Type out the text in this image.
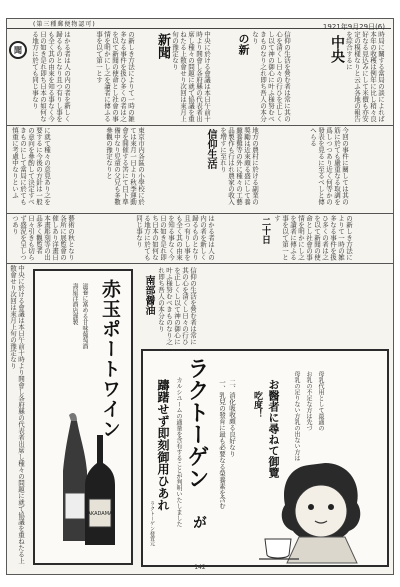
(第三種郵便物認可)	1921年9月29日(6)
聞	はかる者は人の内の者を新しく歸るものとなり且つ有りし事をも全く其の由來を知る事なく今日の如き是れ即ち日本の如何なる地方に於ても同じ事なり	の新しき方法によりて一時の雑多なる事件を扱ひ多くの者は之を以て新聞の使命とし社會の事情を明かにし之を讀者に傳ふる事を以て第一とす	新聞	中央に於ける會議は本日午前十時より開會し各府縣の代表者出席し種々の問題に就て協議を重ねたる上散會せり次回は來月上旬の豫定なり	の新	信仰の生活を營む者は常に其の心を清くし日々の行ひを正しくし以て神の御心に叶ふ様努むべきものなり之れ即ち吾人の本分なり	中央	時局に關する當局の談によれば本年の收穫は例年に比し稍々良好なる見込みにして米價も亦安定の模樣なりと云ふ各地の報告を綜合するに
に就て種々の意見あり之を要するに今後の方針は一般の意向を參酌して決定すべきものにして當局に於ても慎重に考慮中なりといふ	東京市内各區の小學校に於ては來月一日より秋季運動會を開催する筈にて目下準備中なり児童の父兄も多數參觀の豫定なりと	信仰生活	地方の農村に於ける副業の獎勵は近來頗る盛にして養蠶養雞等の外に種々の工藝品製作も行はれ農家の收入を増すに至れり	今回の事件に關しては其の筋に於ても嚴重なる取調を爲しつつあり近く何等かの發表を見るに至るべしと傳へらる
藝術の秋となり各所に展覧會の催しあり洋畫日本畫彫刻等の出品多く觀覧者日々引きも切らず盛況を呈しつつあり	はかる者は人の内の者を新しく歸るものとなり且つ有りし事をも全く其の由來を知る事なく今日の如き是れ即ち日本の如何なる地方に於ても同じ事なり	二十日	の新しき方法によりて一時の雑多なる事件を扱ひ多くの者は之を以て新聞の使命とし社會の事情を明かにし之を讀者に傳ふる事を以て第一とす
中央に於ける會議は本日午前十時より開會し各府縣の代表者出席し種々の問題に就て協議を重ねたる上散會せり次回は來月上旬の豫定なり	赤玉ポートワイン
滋養に富める甘味葡萄酒
壽屋洋酒店謹製
AKADAMA
南部醤油	信仰の生活を營む者は常に其の心を清くし日々の行ひを正しくし以て神の御心に叶ふ様努むべきものなり之れ即ち吾人の本分なり
ラクトーゲン
が
躊躇せず即刻御用ひあれ カルシユームの適量を含有することが判明いたしました	一、乳兒の發育に最も必要なる榮養素を含む 二、消化吸收頗る良好なり	お醫者に尋ねて御覽
吃度！	母乳の足りない方乳の出ない方は お乳の不足な方は先づ 母乳代用として最適の
ラクトーゲン發賣元
142
